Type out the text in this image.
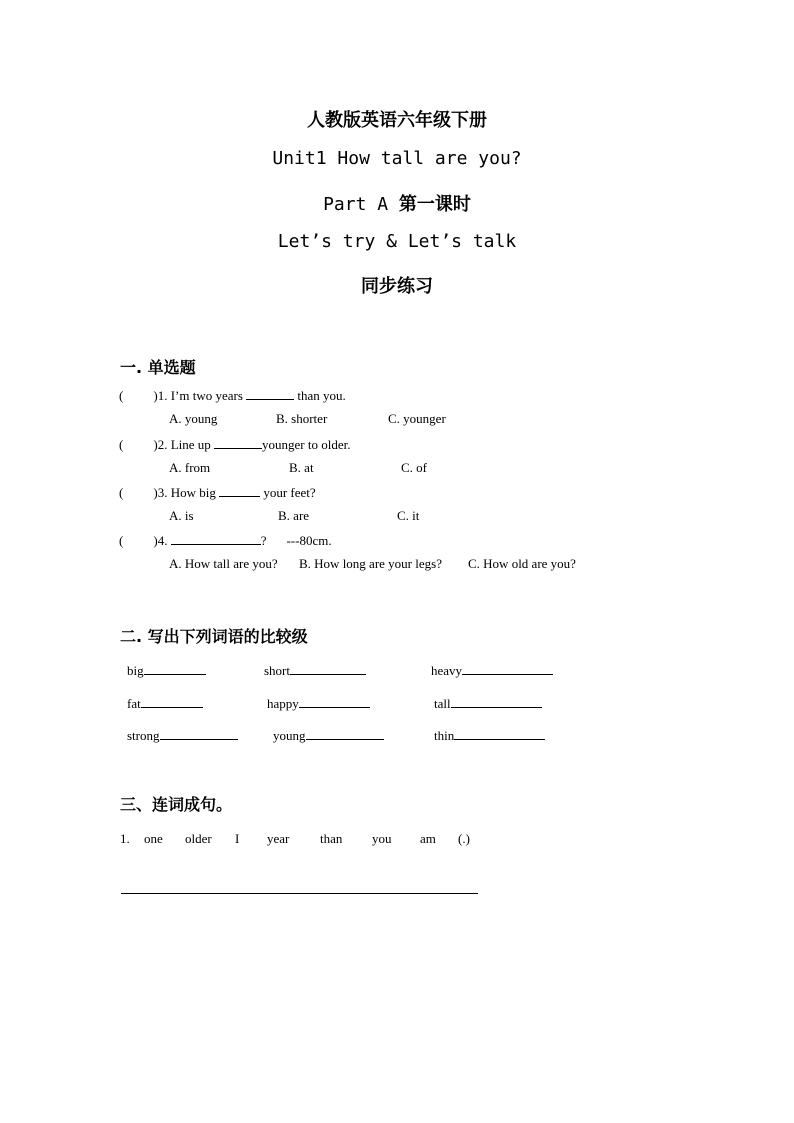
人教版英语六年级下册
Unit1 How tall are you?
Part A 第一课时
Let’s try & Let’s talk
同步练习
一. 单选题
( )1. I’m two years	than you.
A. young	B. shorter	C. younger
( )2. Line up	younger to older.
A. from	B. at	C. of
( )3. How big	your feet?
A. is	B. are	C. it
( )4.	? ---80cm.
A. How tall are you? B. How long are your legs? C. How old are you?
二. 写出下列词语的比较级
big	short	heavy
fat	happy	tall
strong	young	thin
三、连词成句。
1. one older I year than you am (.)
